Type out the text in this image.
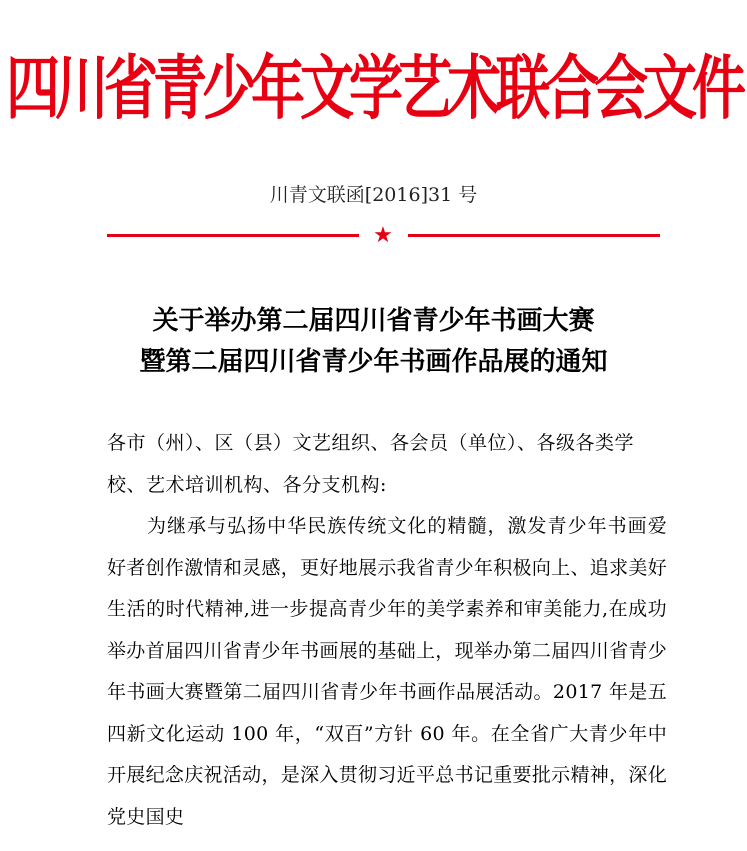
四川省青少年文学艺术联合会文件
川青文联函[2016]31 号
★
关于举办第二届四川省青少年书画大赛
暨第二届四川省青少年书画作品展的通知
各市（州）、区（县）文艺组织、各会员（单位）、各级各类学校、艺术培训机构、各分支机构:
为继承与弘扬中华民族传统文化的精髓，激发青少年书画爱好者创作激情和灵感，更好地展示我省青少年积极向上、追求美好生活的时代精神,进一步提高青少年的美学素养和审美能力,在成功举办首届四川省青少年书画展的基础上，现举办第二届四川省青少年书画大赛暨第二届四川省青少年书画作品展活动。2017 年是五四新文化运动 100 年，“双百”方针 60 年。在全省广大青少年中开展纪念庆祝活动，是深入贯彻习近平总书记重要批示精神，深化党史国史
